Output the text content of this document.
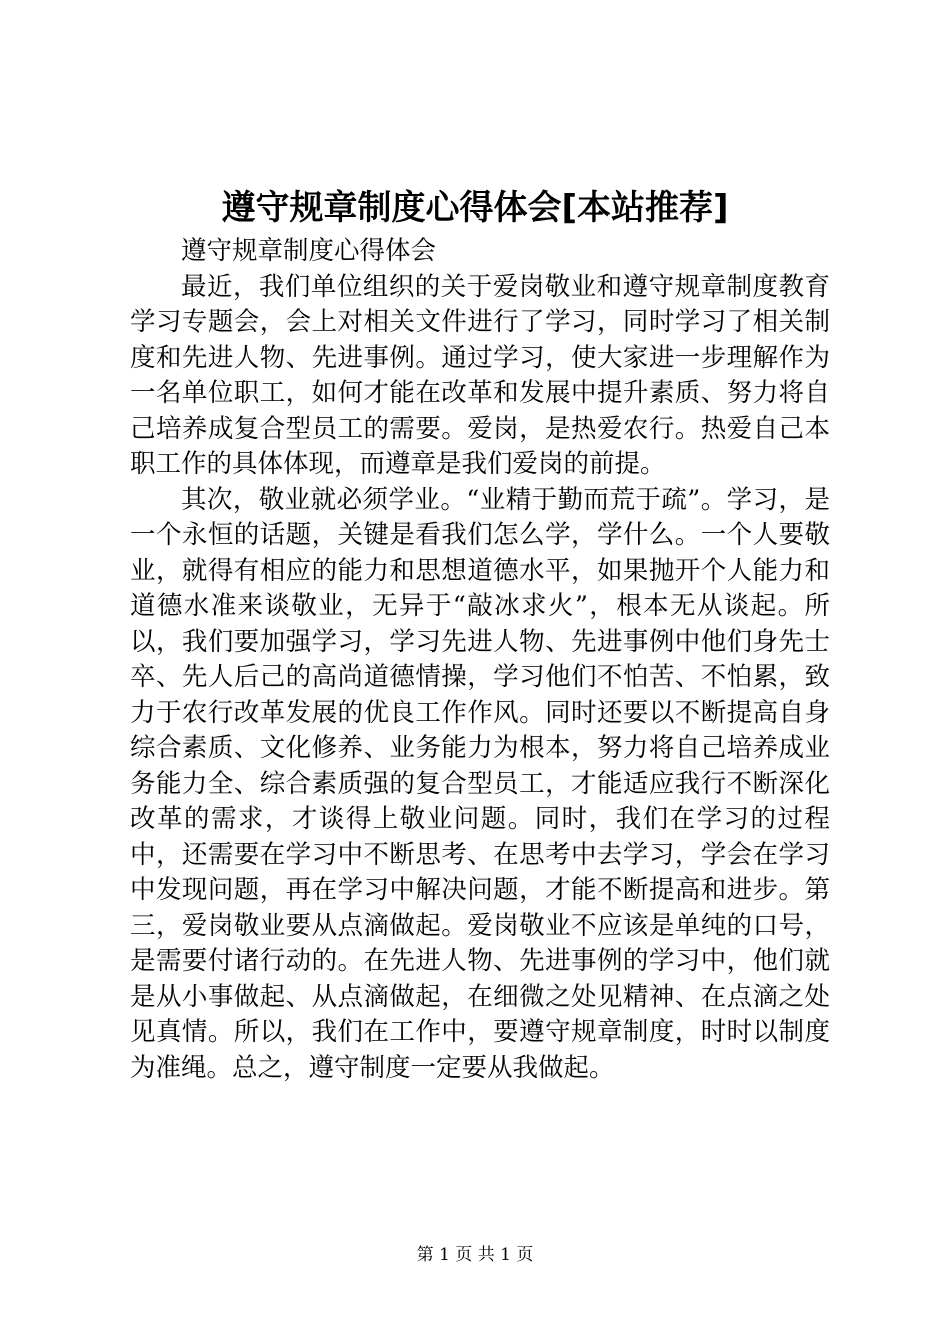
遵守规章制度心得体会[本站推荐]

遵守规章制度心得体会

最近，我们单位组织的关于爱岗敬业和遵守规章制度教育学习专题会，会上对相关文件进行了学习，同时学习了相关制度和先进人物、先进事例。通过学习，使大家进一步理解作为一名单位职工，如何才能在改革和发展中提升素质、努力将自己培养成复合型员工的需要。爱岗，是热爱农行。热爱自己本职工作的具体体现，而遵章是我们爱岗的前提。

其次，敬业就必须学业。“业精于勤而荒于疏”。学习，是一个永恒的话题，关键是看我们怎么学，学什么。一个人要敬业，就得有相应的能力和思想道德水平，如果抛开个人能力和道德水准来谈敬业，无异于“敲冰求火”，根本无从谈起。所以，我们要加强学习，学习先进人物、先进事例中他们身先士卒、先人后己的高尚道德情操，学习他们不怕苦、不怕累，致力于农行改革发展的优良工作作风。同时还要以不断提高自身综合素质、文化修养、业务能力为根本，努力将自己培养成业务能力全、综合素质强的复合型员工，才能适应我行不断深化改革的需求，才谈得上敬业问题。同时，我们在学习的过程中，还需要在学习中不断思考、在思考中去学习，学会在学习中发现问题，再在学习中解决问题，才能不断提高和进步。第三，爱岗敬业要从点滴做起。爱岗敬业不应该是单纯的口号，是需要付诸行动的。在先进人物、先进事例的学习中，他们就是从小事做起、从点滴做起，在细微之处见精神、在点滴之处见真情。所以，我们在工作中，要遵守规章制度，时时以制度为准绳。总之，遵守制度一定要从我做起。

第 1 页 共 1 页
